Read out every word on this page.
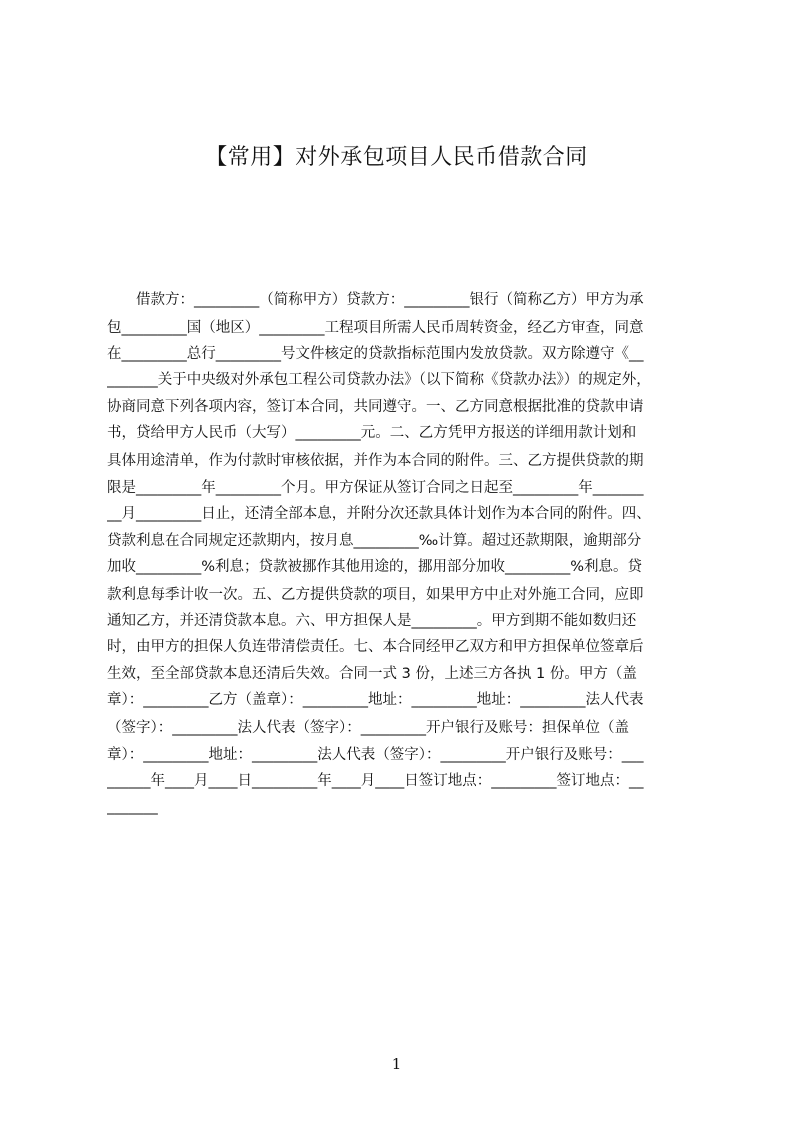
【常用】对外承包项目人民币借款合同
　　借款方：_________（简称甲方）贷款方：_________银行（简称乙方）甲方为承
包_________国（地区）_________工程项目所需人民币周转资金，经乙方审查，同意
在_________总行_________号文件核定的贷款指标范围内发放贷款。双方除遵守《__
_______关于中央级对外承包工程公司贷款办法》（以下简称《贷款办法》）的规定外，
协商同意下列各项内容，签订本合同，共同遵守。一、乙方同意根据批准的贷款申请
书，贷给甲方人民币（大写）_________元。二、乙方凭甲方报送的详细用款计划和
具体用途清单，作为付款时审核依据，并作为本合同的附件。三、乙方提供贷款的期
限是_________年_________个月。甲方保证从签订合同之日起至_________年_______
__月_________日止，还清全部本息，并附分次还款具体计划作为本合同的附件。四、
贷款利息在合同规定还款期内，按月息_________‰计算。超过还款期限，逾期部分
加收_________%利息；贷款被挪作其他用途的，挪用部分加收_________%利息。贷
款利息每季计收一次。五、乙方提供贷款的项目，如果甲方中止对外施工合同，应即
通知乙方，并还清贷款本息。六、甲方担保人是_________。甲方到期不能如数归还
时，由甲方的担保人负连带清偿责任。七、本合同经甲乙双方和甲方担保单位签章后
生效，至全部贷款本息还清后失效。合同一式 3 份，上述三方各执 1 份。甲方（盖
章）：_________乙方（盖章）：_________地址：_________地址：_________法人代表
（签字）：_________法人代表（签字）：_________开户银行及账号：担保单位（盖
章）：_________地址：_________法人代表（签字）：_________开户银行及账号：___
______年____月____日_________年____月____日签订地点：_________签订地点：__
_______
1
